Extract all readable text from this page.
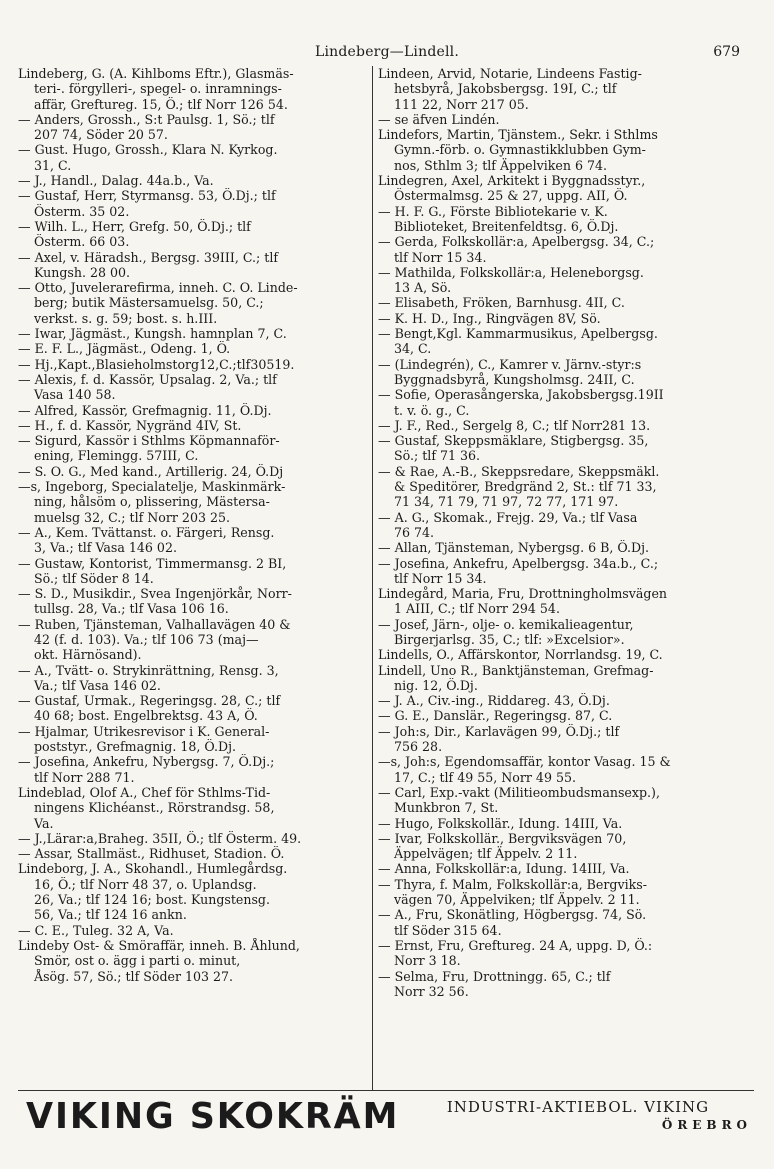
Lindeberg—Lindell.	679
Lindeberg, G. (A. Kihlboms Eftr.), Glasmäs-
teri-. förgylleri-, spegel- o. inramnings-
affär, Greftureg. 15, Ö.; tlf Norr 126 54.
— Anders, Grossh., S:t Paulsg. 1, Sö.; tlf
207 74, Söder 20 57.
— Gust. Hugo, Grossh., Klara N. Kyrkog.
31, C.
— J., Handl., Dalag. 44a.b., Va.
— Gustaf, Herr, Styrmansg. 53, Ö.Dj.; tlf
Österm. 35 02.
— Wilh. L., Herr, Grefg. 50, Ö.Dj.; tlf
Österm. 66 03.
— Axel, v. Häradsh., Bergsg. 39III, C.; tlf
Kungsh. 28 00.
— Otto, Juvelerarefirma, inneh. C. O. Linde-
berg; butik Mästersamuelsg. 50, C.;
verkst. s. g. 59; bost. s. h.III.
— Iwar, Jägmäst., Kungsh. hamnplan 7, C.
— E. F. L., Jägmäst., Odeng. 1, Ö.
— Hj.,Kapt.,Blasieholmstorg12,C.;tlf30519.
— Alexis, f. d. Kassör, Upsalag. 2, Va.; tlf
Vasa 140 58.
— Alfred, Kassör, Grefmagnig. 11, Ö.Dj.
— H., f. d. Kassör, Nygränd 4IV, St.
— Sigurd, Kassör i Sthlms Köpmannaför-
ening, Flemingg. 57III, C.
— S. O. G., Med kand., Artillerig. 24, Ö.Dj
—s, Ingeborg, Specialatelje, Maskinmärk-
ning, hålsöm o, plissering, Mästersa-
muelsg 32, C.; tlf Norr 203 25.
— A., Kem. Tvättanst. o. Färgeri, Rensg.
3, Va.; tlf Vasa 146 02.
— Gustaw, Kontorist, Timmermansg. 2 BI,
Sö.; tlf Söder 8 14.
— S. D., Musikdir., Svea Ingenjörkår, Norr-
tullsg. 28, Va.; tlf Vasa 106 16.
— Ruben, Tjänsteman, Valhallavägen 40 &
42 (f. d. 103). Va.; tlf 106 73 (maj—
okt. Härnösand).
— A., Tvätt- o. Strykinrättning, Rensg. 3,
Va.; tlf Vasa 146 02.
— Gustaf, Urmak., Regeringsg. 28, C.; tlf
40 68; bost. Engelbrektsg. 43 A, Ö.
— Hjalmar, Utrikesrevisor i K. General-
poststyr., Grefmagnig. 18, Ö.Dj.
— Josefina, Ankefru, Nybergsg. 7, Ö.Dj.;
tlf Norr 288 71.
Lindeblad, Olof A., Chef för Sthlms-Tid-
ningens Klichéanst., Rörstrandsg. 58,
Va.
— J.,Lärar:a,Braheg. 35II, Ö.; tlf Österm. 49.
— Assar, Stallmäst., Ridhuset, Stadion. Ö.
Lindeborg, J. A., Skohandl., Humlegårdsg.
16, Ö.; tlf Norr 48 37, o. Uplandsg.
26, Va.; tlf 124 16; bost. Kungstensg.
56, Va.; tlf 124 16 ankn.
— C. E., Tuleg. 32 A, Va.
Lindeby Ost- & Smöraffär, inneh. B. Åhlund,
Smör, ost o. ägg i parti o. minut,
Åsög. 57, Sö.; tlf Söder 103 27.
Lindeen, Arvid, Notarie, Lindeens Fastig-
hetsbyrå, Jakobsbergsg. 19I, C.; tlf
111 22, Norr 217 05.
— se äfven Lindén.
Lindefors, Martin, Tjänstem., Sekr. i Sthlms
Gymn.-förb. o. Gymnastikklubben Gym-
nos, Sthlm 3; tlf Äppelviken 6 74.
Lindegren, Axel, Arkitekt i Byggnadsstyr.,
Östermalmsg. 25 & 27, uppg. AII, Ö.
— H. F. G., Förste Bibliotekarie v. K.
Biblioteket, Breitenfeldtsg. 6, Ö.Dj.
— Gerda, Folkskollär:a, Apelbergsg. 34, C.;
tlf Norr 15 34.
— Mathilda, Folkskollär:a, Heleneborgsg.
13 A, Sö.
— Elisabeth, Fröken, Barnhusg. 4II, C.
— K. H. D., Ing., Ringvägen 8V, Sö.
— Bengt,Kgl. Kammarmusikus, Apelbergsg.
34, C.
— (Lindegrén), C., Kamrer v. Järnv.-styr:s
Byggnadsbyrå, Kungsholmsg. 24II, C.
— Sofie, Operasångerska, Jakobsbergsg.19II
t. v. ö. g., C.
— J. F., Red., Sergelg 8, C.; tlf Norr281 13.
— Gustaf, Skeppsmäklare, Stigbergsg. 35,
Sö.; tlf 71 36.
— & Rae, A.-B., Skeppsredare, Skeppsmäkl.
& Speditörer, Bredgränd 2, St.: tlf 71 33,
71 34, 71 79, 71 97, 72 77, 171 97.
— A. G., Skomak., Frejg. 29, Va.; tlf Vasa
76 74.
— Allan, Tjänsteman, Nybergsg. 6 B, Ö.Dj.
— Josefina, Ankefru, Apelbergsg. 34a.b., C.;
tlf Norr 15 34.
Lindegård, Maria, Fru, Drottningholmsvägen
1 AIII, C.; tlf Norr 294 54.
— Josef, Järn-, olje- o. kemikalieagentur,
Birgerjarlsg. 35, C.; tlf: »Excelsior».
Lindells, O., Affärskontor, Norrlandsg. 19, C.
Lindell, Uno R., Banktjänsteman, Grefmag-
nig. 12, Ö.Dj.
— J. A., Civ.-ing., Riddareg. 43, Ö.Dj.
— G. E., Danslär., Regeringsg. 87, C.
— Joh:s, Dir., Karlavägen 99, Ö.Dj.; tlf
756 28.
—s, Joh:s, Egendomsaffär, kontor Vasag. 15 &
17, C.; tlf 49 55, Norr 49 55.
— Carl, Exp.-vakt (Militieombudsmansexp.),
Munkbron 7, St.
— Hugo, Folkskollär., Idung. 14III, Va.
— Ivar, Folkskollär., Bergviksvägen 70,
Äppelvägen; tlf Äppelv. 2 11.
— Anna, Folkskollär:a, Idung. 14III, Va.
— Thyra, f. Malm, Folkskollär:a, Bergviks-
vägen 70, Äppelviken; tlf Äppelv. 2 11.
— A., Fru, Skonätling, Högbergsg. 74, Sö.
tlf Söder 315 64.
— Ernst, Fru, Greftureg. 24 A, uppg. D, Ö.:
Norr 3 18.
— Selma, Fru, Drottningg. 65, C.; tlf
Norr 32 56.
VIKING SKOKRÄM	INDUSTRI-AKTIEBOL. VIKING
ÖREBRO
